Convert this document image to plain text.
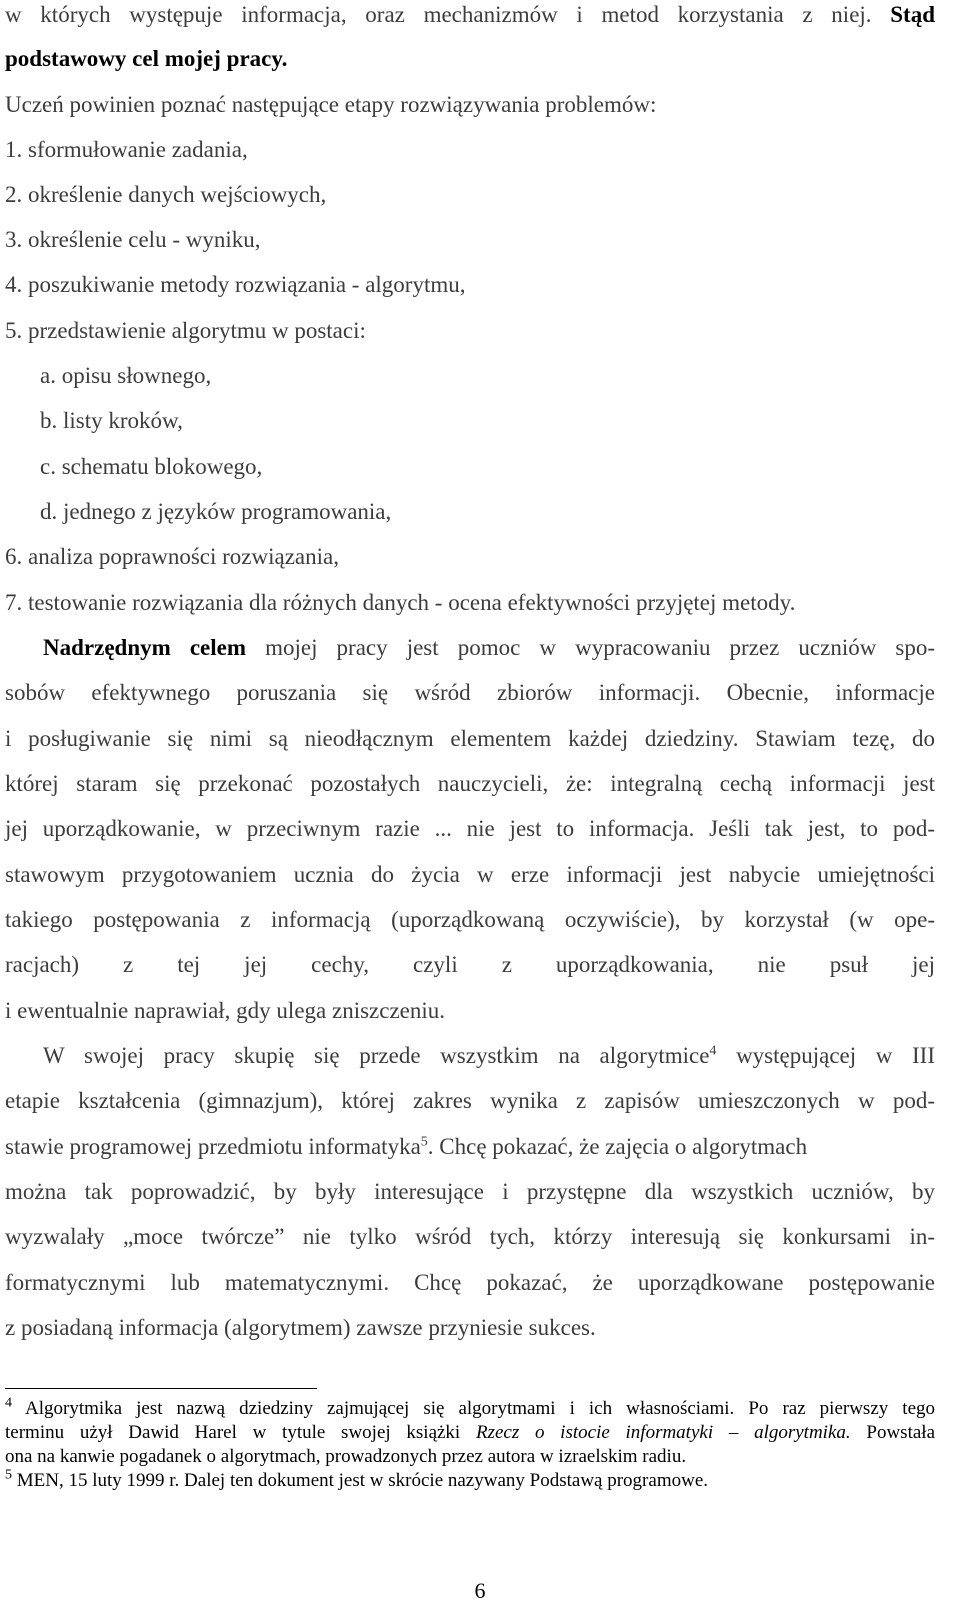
w których występuje informacja, oraz mechanizmów i metod korzystania z niej. Stąd
podstawowy cel mojej pracy.
Uczeń powinien poznać następujące etapy rozwiązywania problemów:
1. sformułowanie zadania,
2. określenie danych wejściowych,
3. określenie celu - wyniku,
4. poszukiwanie metody rozwiązania - algorytmu,
5. przedstawienie algorytmu w postaci:
a. opisu słownego,
b. listy kroków,
c. schematu blokowego,
d. jednego z języków programowania,
6. analiza poprawności rozwiązania,
7. testowanie rozwiązania dla różnych danych - ocena efektywności przyjętej metody.
Nadrzędnym celem mojej pracy jest pomoc w wypracowaniu przez uczniów spo-
sobów efektywnego poruszania się wśród zbiorów informacji. Obecnie, informacje
i posługiwanie się nimi są nieodłącznym elementem każdej dziedziny. Stawiam tezę, do
której staram się przekonać pozostałych nauczycieli, że: integralną cechą informacji jest
jej uporządkowanie, w przeciwnym razie ... nie jest to informacja. Jeśli tak jest, to pod-
stawowym przygotowaniem ucznia do życia w erze informacji jest nabycie umiejętności
takiego postępowania z informacją (uporządkowaną oczywiście), by korzystał (w ope-
racjach) z tej jej cechy, czyli z uporządkowania, nie psuł jej
i ewentualnie naprawiał, gdy ulega zniszczeniu.
W swojej pracy skupię się przede wszystkim na algorytmice$^4$ występującej w III
etapie kształcenia (gimnazjum), której zakres wynika z zapisów umieszczonych w pod-
stawie programowej przedmiotu informatyka$^5$. Chcę pokazać, że zajęcia o algorytmach
można tak poprowadzić, by były interesujące i przystępne dla wszystkich uczniów, by
wyzwalały „moce twórcze” nie tylko wśród tych, którzy interesują się konkursami in-
formatycznymi lub matematycznymi. Chcę pokazać, że uporządkowane postępowanie
z posiadaną informacja (algorytmem) zawsze przyniesie sukces.
$^4$ Algorytmika jest nazwą dziedziny zajmującej się algorytmami i ich własnościami. Po raz pierwszy tego
terminu użył Dawid Harel w tytule swojej książki Rzecz o istocie informatyki – algorytmika. Powstała
ona na kanwie pogadanek o algorytmach, prowadzonych przez autora w izraelskim radiu.
$^5$ MEN, 15 luty 1999 r. Dalej ten dokument jest w skrócie nazywany Podstawą programowe.
6
